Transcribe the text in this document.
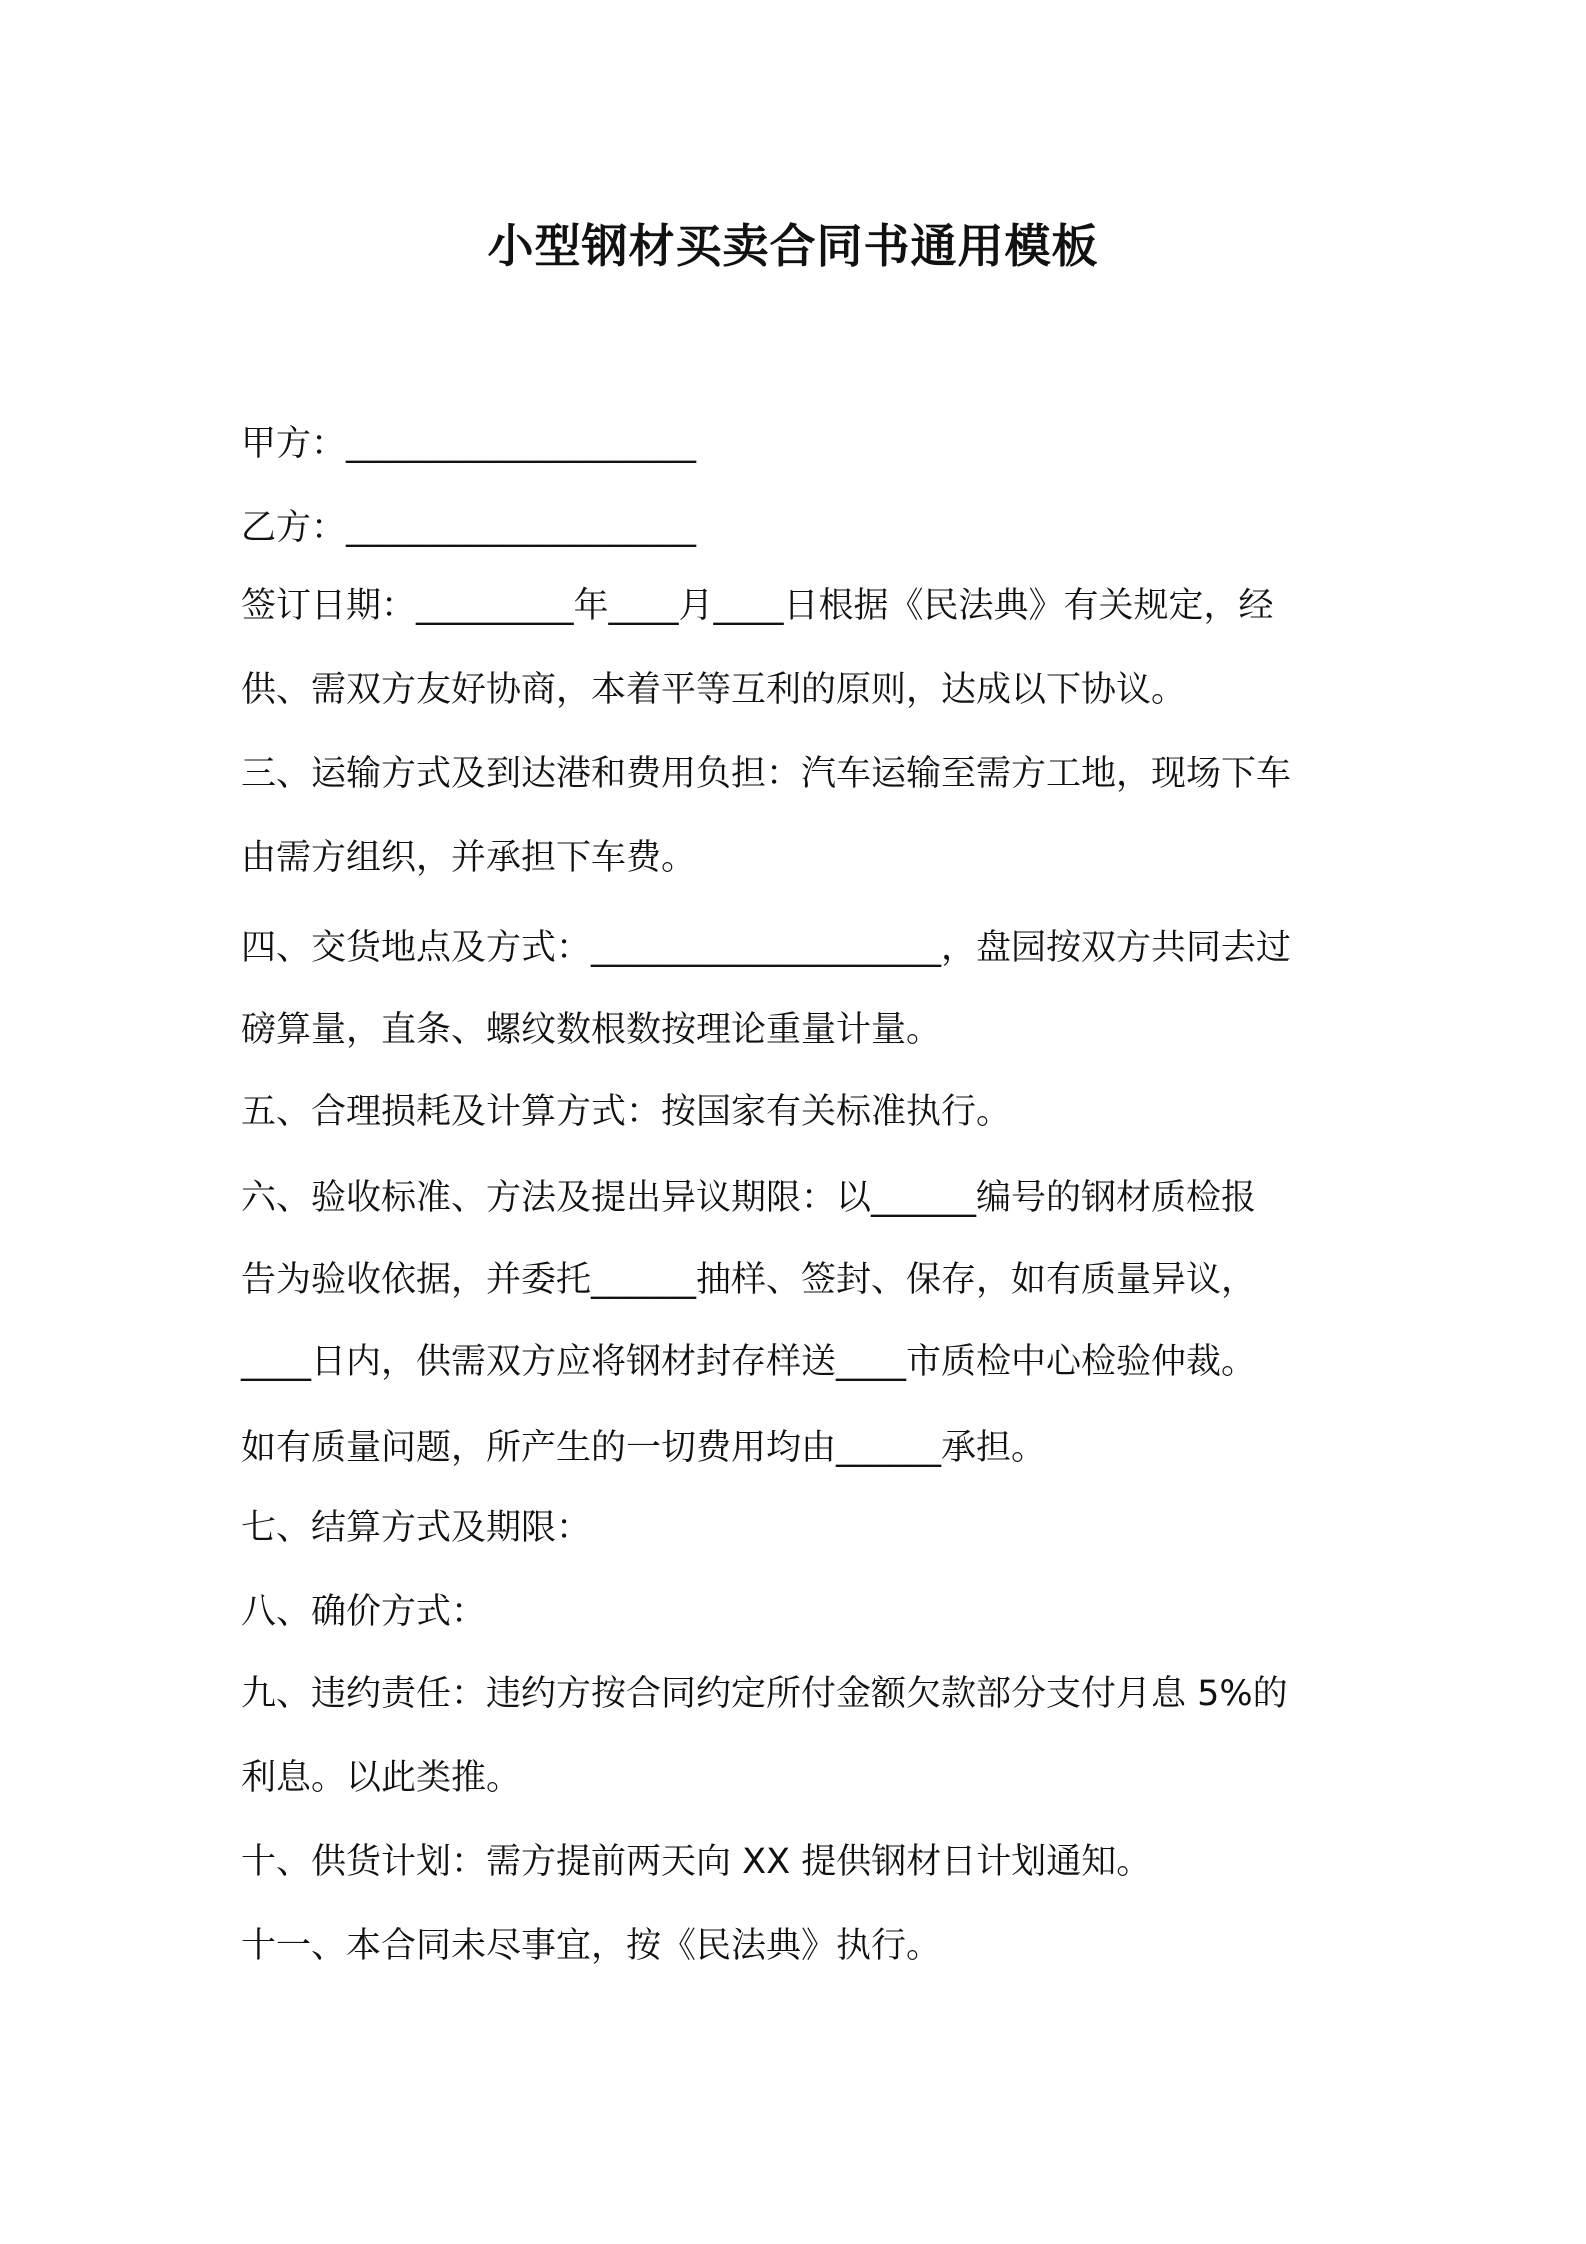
小型钢材买卖合同书通用模板
甲方：____________________
乙方：____________________
签订日期：_________年____月____日根据《民法典》有关规定，经
供、需双方友好协商，本着平等互利的原则，达成以下协议。
三、运输方式及到达港和费用负担：汽车运输至需方工地，现场下车
由需方组织，并承担下车费。
四、交货地点及方式：____________________，盘园按双方共同去过
磅算量，直条、螺纹数根数按理论重量计量。
五、合理损耗及计算方式：按国家有关标准执行。
六、验收标准、方法及提出异议期限：以______编号的钢材质检报
告为验收依据，并委托______抽样、签封、保存，如有质量异议，
____日内，供需双方应将钢材封存样送____市质检中心检验仲裁。
如有质量问题，所产生的一切费用均由______承担。
七、结算方式及期限：
八、确价方式：
九、违约责任：违约方按合同约定所付金额欠款部分支付月息 5%的
利息。以此类推。
十、供货计划：需方提前两天向 XX 提供钢材日计划通知。
十一、本合同未尽事宜，按《民法典》执行。
